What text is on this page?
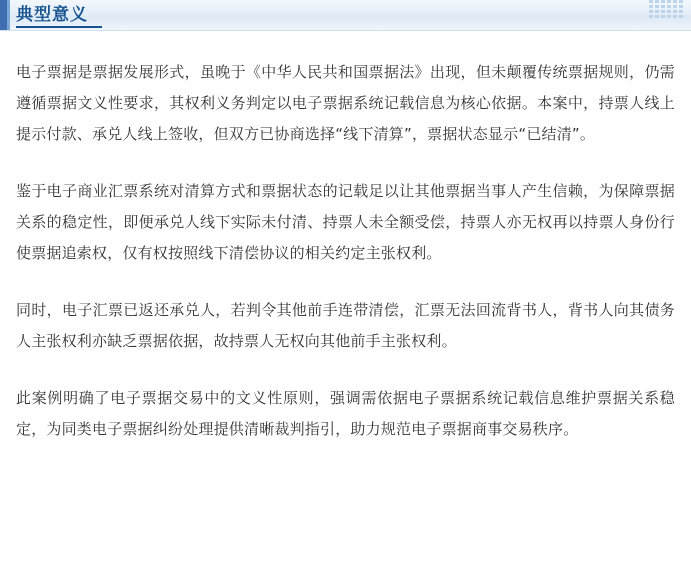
典型意义

电子票据是票据发展形式，虽晚于《中华人民共和国票据法》出现，但未颠覆传统票据规则，仍需遵循票据文义性要求，其权利义务判定以电子票据系统记载信息为核心依据。本案中，持票人线上提示付款、承兑人线上签收，但双方已协商选择“线下清算”，票据状态显示“已结清”。

鉴于电子商业汇票系统对清算方式和票据状态的记载足以让其他票据当事人产生信赖，为保障票据关系的稳定性，即便承兑人线下实际未付清、持票人未全额受偿，持票人亦无权再以持票人身份行使票据追索权，仅有权按照线下清偿协议的相关约定主张权利。

同时，电子汇票已返还承兑人，若判令其他前手连带清偿，汇票无法回流背书人，背书人向其债务人主张权利亦缺乏票据依据，故持票人无权向其他前手主张权利。

此案例明确了电子票据交易中的文义性原则，强调需依据电子票据系统记载信息维护票据关系稳定，为同类电子票据纠纷处理提供清晰裁判指引，助力规范电子票据商事交易秩序。
